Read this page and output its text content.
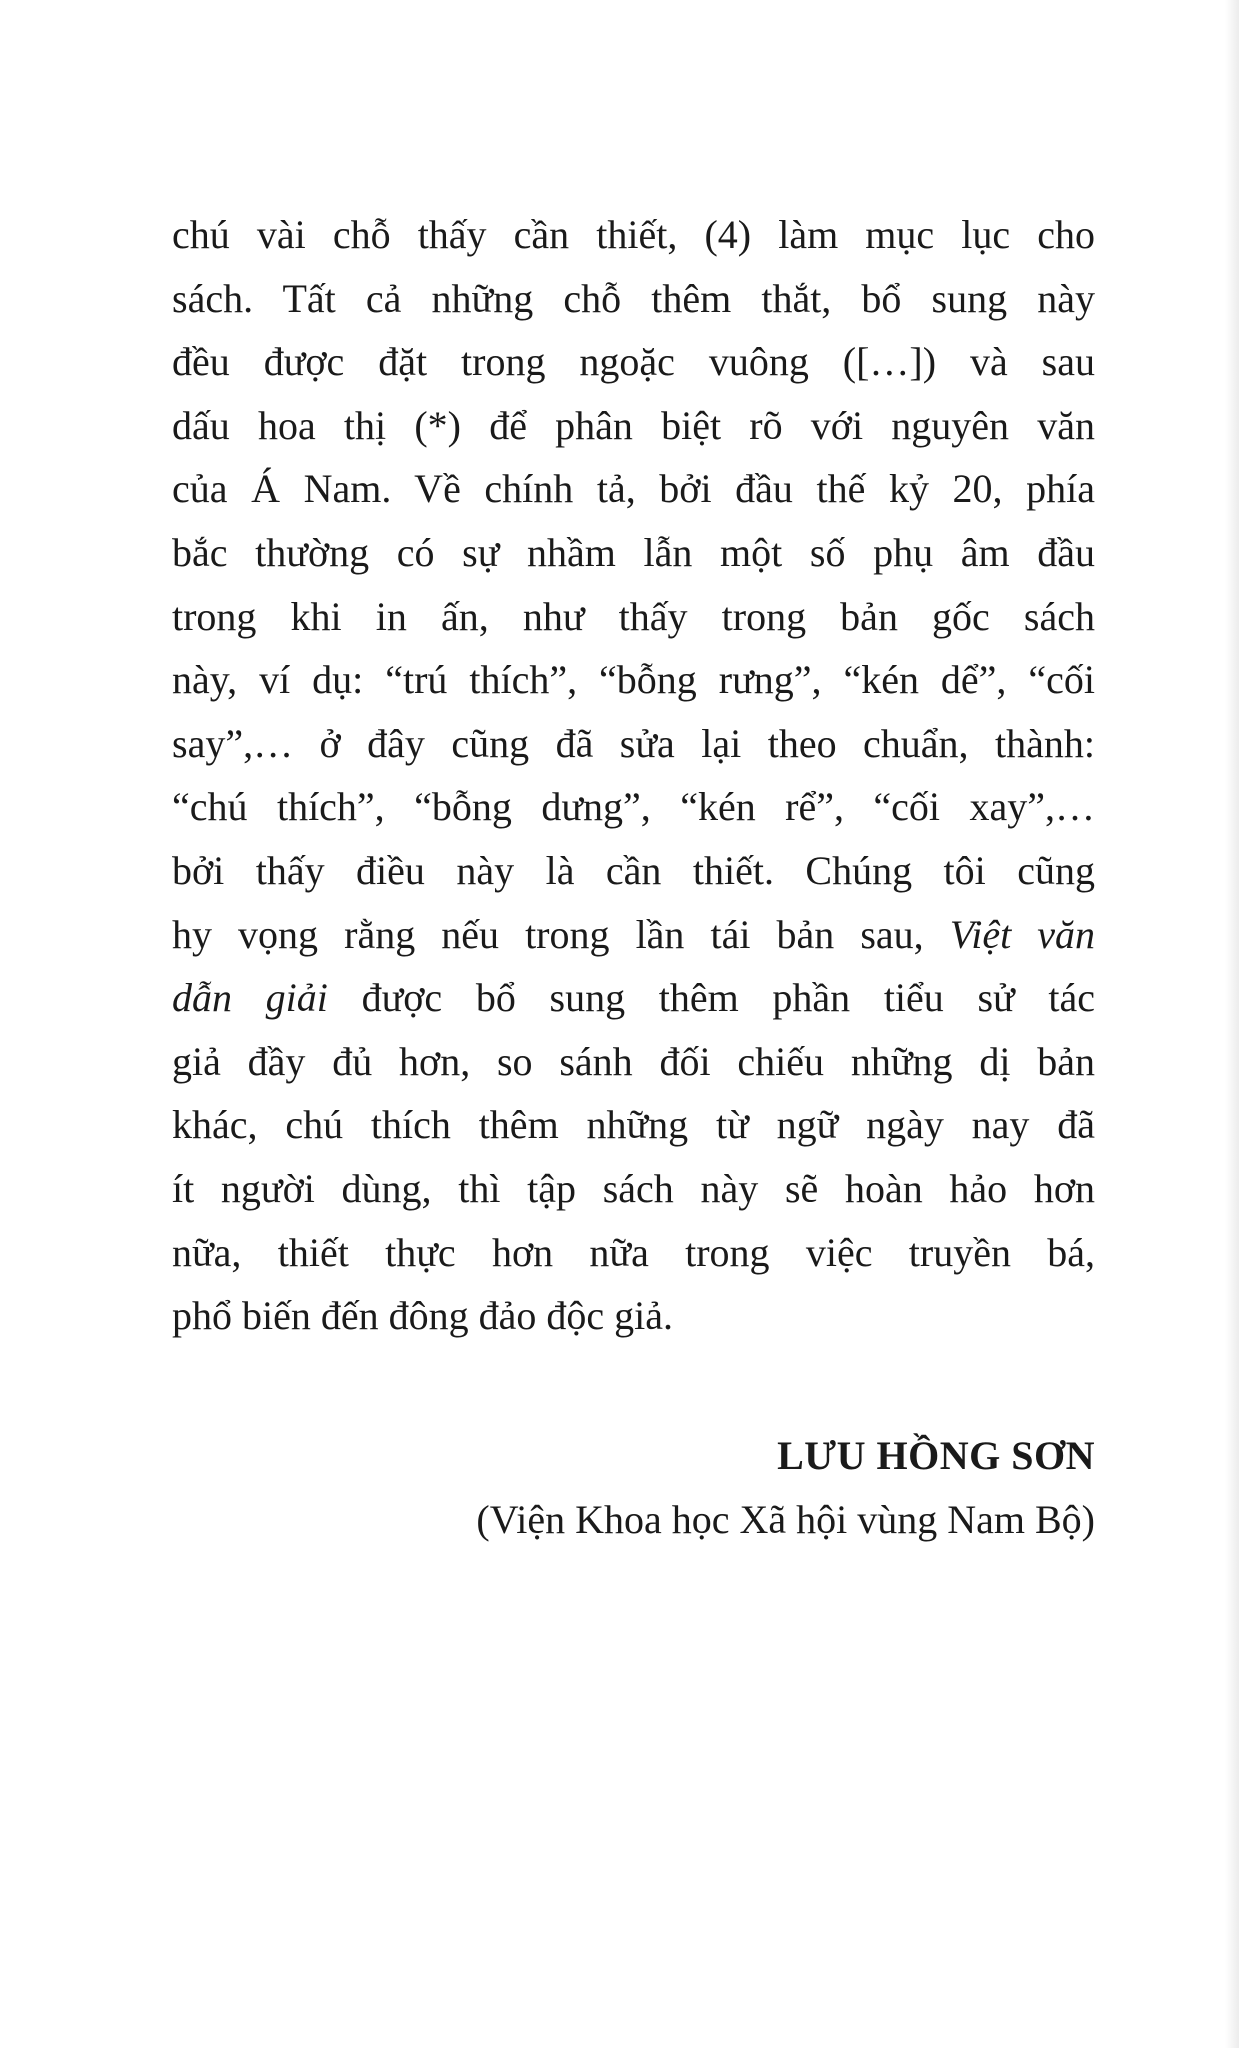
chú vài chỗ thấy cần thiết, (4) làm mục lục cho
sách. Tất cả những chỗ thêm thắt, bổ sung này
đều được đặt trong ngoặc vuông ([…]) và sau
dấu hoa thị (*) để phân biệt rõ với nguyên văn
của Á Nam. Về chính tả, bởi đầu thế kỷ 20, phía
bắc thường có sự nhầm lẫn một số phụ âm đầu
trong khi in ấn, như thấy trong bản gốc sách
này, ví dụ: “trú thích”, “bỗng rưng”, “kén dể”, “cối
say”,… ở đây cũng đã sửa lại theo chuẩn, thành:
“chú thích”, “bỗng dưng”, “kén rể”, “cối xay”,…
bởi thấy điều này là cần thiết. Chúng tôi cũng
hy vọng rằng nếu trong lần tái bản sau, Việt văn
dẫn giải được bổ sung thêm phần tiểu sử tác
giả đầy đủ hơn, so sánh đối chiếu những dị bản
khác, chú thích thêm những từ ngữ ngày nay đã
ít người dùng, thì tập sách này sẽ hoàn hảo hơn
nữa, thiết thực hơn nữa trong việc truyền bá,
phổ biến đến đông đảo độc giả.
LƯU HỒNG SƠN
(Viện Khoa học Xã hội vùng Nam Bộ)
